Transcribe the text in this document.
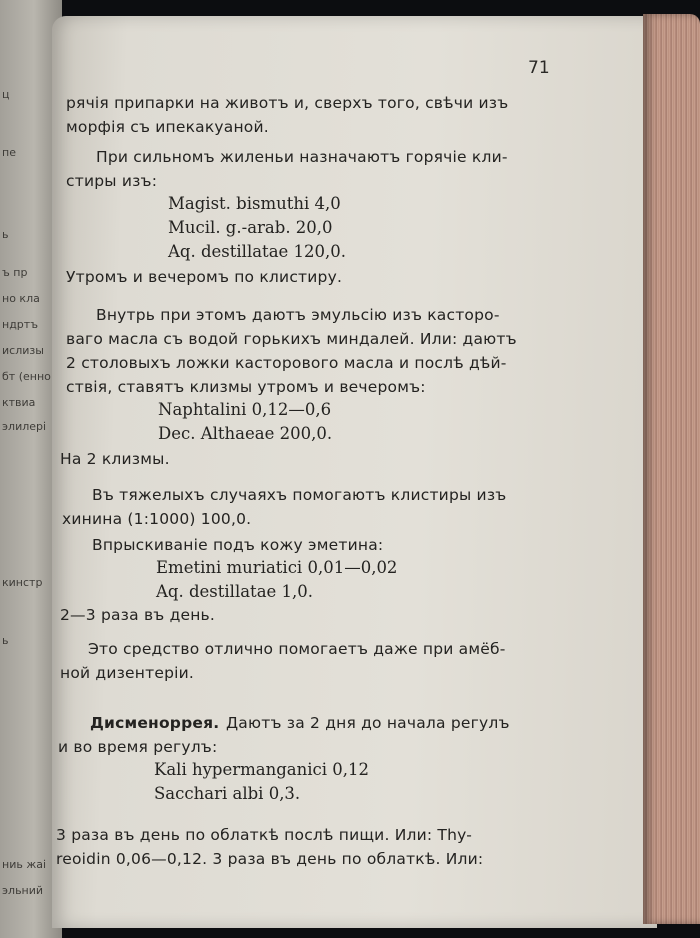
ц
пе
ь
ъ пр
но кла
ндртъ
ислизы
бт (енно
ктвиа
элилері
кинстр
ь
ниь жаі
эльний
71
рячія припарки на животъ и, сверхъ того, свѣчи изъ
морфія съ ипекакуаной.
При сильномъ жиленьи назначаютъ горячіе кли-
стиры изъ:
Magist. bismuthi 4,0
Mucil. g.-arab. 20,0
Aq. destillatae 120,0.
Утромъ и вечеромъ по клистиру.
Внутрь при этомъ даютъ эмульсію изъ касторо-
ваго масла съ водой горькихъ миндалей. Или: даютъ
2 столовыхъ ложки касторового масла и послѣ дѣй-
ствія, ставятъ клизмы утромъ и вечеромъ:
Naphtalini 0,12—0,6
Dec. Althaeae 200,0.
На 2 клизмы.
Въ тяжелыхъ случаяхъ помогаютъ клистиры изъ
хинина (1:1000) 100,0.
Впрыскиваніе подъ кожу эметина:
Emetini muriatici 0,01—0,02
Aq. destillatae 1,0.
2—3 раза въ день.
Это средство отлично помогаетъ даже при амёб-
ной дизентеріи.
Дисменоррея. Даютъ за 2 дня до начала регулъ
и во время регулъ:
Kali hypermanganici 0,12
Sacchari albi 0,3.
3 раза въ день по облаткѣ послѣ пищи. Или: Thy-
reoidin 0,06—0,12. 3 раза въ день по облаткѣ. Или:
